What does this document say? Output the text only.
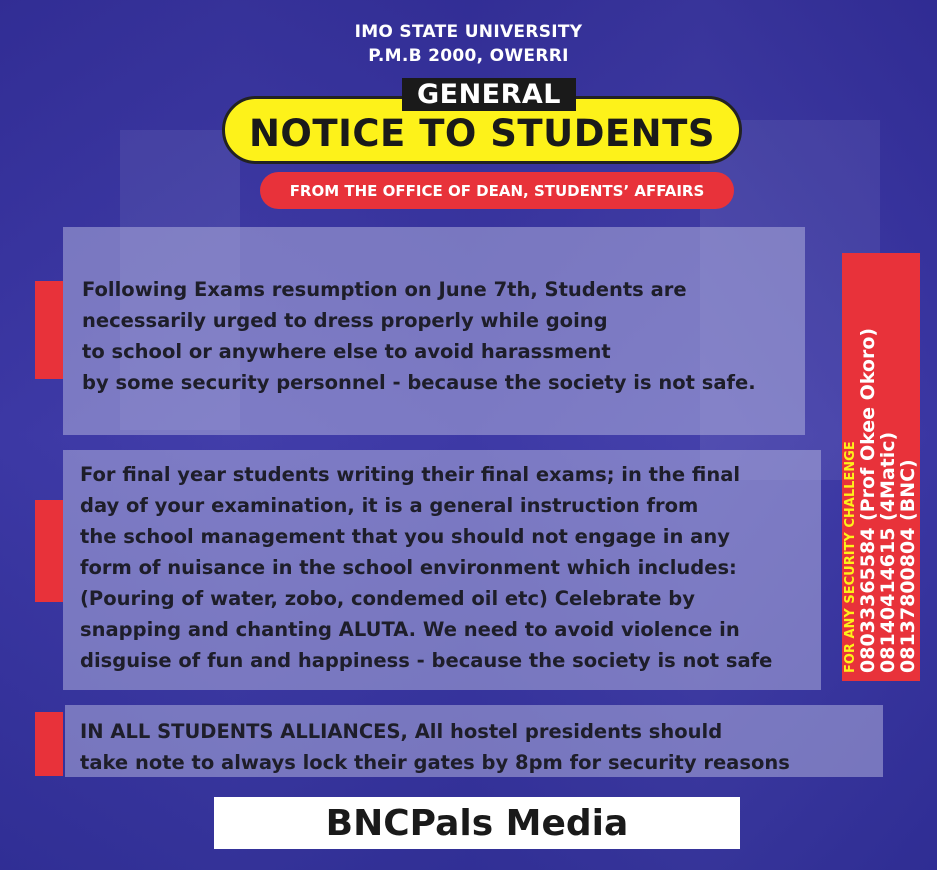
IMO STATE UNIVERSITY
P.M.B 2000, OWERRI
NOTICE TO STUDENTS
GENERAL
FROM THE OFFICE OF DEAN, STUDENTS’ AFFAIRS
Following Exams resumption on June 7th, Students are
necessarily urged to dress properly while going
to school or anywhere else to avoid harassment
by some security personnel - because the society is not safe.
For final year students writing their final exams; in the final
day of your examination, it is a general instruction from
the school management that you should not engage in any
form of nuisance in the school environment which includes:
(Pouring of water, zobo, condemed oil etc) Celebrate by
snapping and chanting ALUTA. We need to avoid violence in
disguise of fun and happiness - because the society is not safe
IN ALL STUDENTS ALLIANCES, All hostel presidents should
take note to always lock their gates by 8pm for security reasons
FOR ANY SECURITY CHALLENGE 08033365584 (Prof Okee Okoro)
08140414615 (4Matic)
08137800804 (BNC)
BNCPals Media
